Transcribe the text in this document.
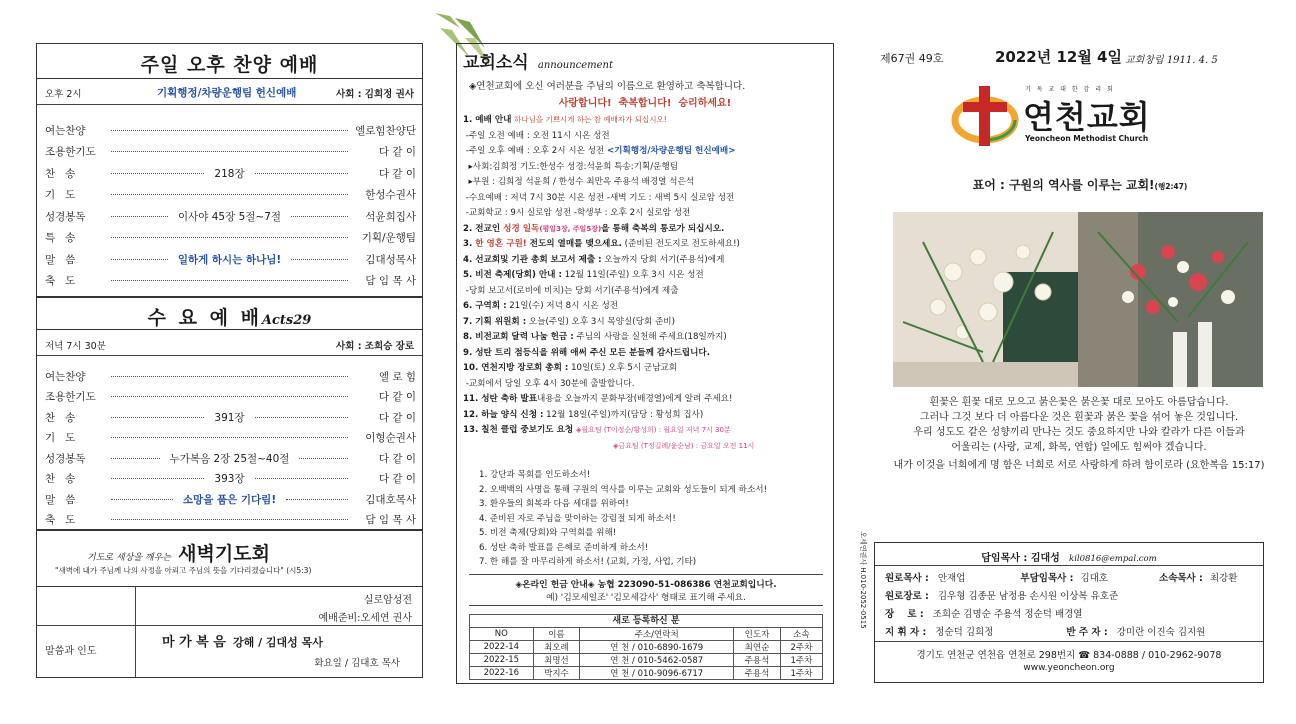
주일 오후 찬양 예배
오후 2시	기획행정/차량운행팀 헌신예배	사회 : 김희정 권사
여는찬양	엘로힘찬양단
조용한기도	다 같 이
찬   송	218장	다 같 이
기   도	한성수권사
성경봉독	이사야 45장 5절~7절	석윤희집사
특   송	기획/운행팀
말   씀	일하게 하시는 하나님!	김대성목사
축   도	담 임 목 사
수 요 예 배Acts29
저녁 7시 30분	사회 : 조희승 장로
여는찬양	엘 로 힘
조용한기도	다 같 이
찬   송	391장	다 같 이
기   도	이형순권사
성경봉독	누가복음 2장 25절~40절	다 같 이
찬   송	393장	다 같 이
말   씀	소망을 품은 기다림!	김대호목사
축   도	담 임 목 사
기도로 세상을 깨우는 새벽기도회
"새벽에 내가 주님께 나의 사정을 아뢰고 주님의 뜻을 기다리겠습니다" (시5:3)
실로암성전
예배준비:오세연 권사
말씀과 인도
마 가 복 음 강해 / 김대성 목사
화요일 / 김대호 목사
교회소식 announcement
◈연천교회에 오신 여러분을 주님의 이름으로 환영하고 축복합니다.
사랑합니다!  축복합니다!  승리하세요!
◈온라인 헌금 안내◈ 농협 223090-51-086386 연천교회입니다.
예) '김모세일조' '김모세감사' 형태로 표기해 주세요.
새로 등록하신 분
NO	이름	주소/연락처	인도자	소속
2022-14	최오례	연 천 / 010-6890-1679	최연순	2주차
2022-15	최명선	연 천 / 010-5462-0587	주용석	1주차
2022-16	박지수	연 천 / 010-9096-6717	주용석	1주차
1. 예배 안내 하나님을 기쁘시게 하는 참 예배자가 되십시오!
-주일 오전 예배 : 오전 11시 시온 성전
-주일 오후 예배 : 오후 2시 시온 성전 <기획행정/차량운행팀 헌신예배>
▸사회:김희정 기도:한성수 성경:석윤희 특송:기획/운행팀
▸부원 : 김희정 석윤희 / 한성수 최만옥 주용석 배경열 석은석
-수요예배 : 저녁 7시 30분 시온 성전 -새벽 기도 : 새벽 5시 실로암 성전
-교회학교 : 9시 실로암 성전 -학생부 : 오후 2시 실로암 성전
2. 전교인 성경 일독(평일3장, 주일5장)을 통해 축복의 통로가 되십시오.
3. 한 영혼 구원! 전도의 열매를 맺으세요. (준비된 전도지로 전도하세요!)
4. 선교회및 기관 총회 보고서 제출 : 오늘까지 당회 서기(주용석)에게
5. 비전 축제(당회) 안내 : 12월 11일(주일) 오후 3시 시온 성전
-당회 보고서(로비에 비치)는 당회 서기(주용석)에게 제출
6. 구역회 : 21일(수) 저녁 8시 시온 성전
7. 기획 위원회 : 오늘(주일) 오후 3시 목양실(당회 준비)
8. 비전교회 달력 나눔 헌금 : 주님의 사랑을 실천해 주세요(18일까지)
9. 성탄 트리 점등식을 위해 애써 주신 모든 분들께 감사드립니다.
10. 연천지방 장로회 총회 : 10일(토) 오후 5시 군남교회
-교회에서 당일 오후 4시 30분에 출발합니다.
11. 성탄 축하 발표내용을 오늘까지 문화부장(배경열)에게 알려 주세요!
12. 하늘 양식 신청 : 12월 18일(주일)까지(담당 : 황성희 집사)
13. 칠천 클럽 중보기도 요청 ◈월요팀 (T이정순/황성희) : 월요일 저녁 7시 30분
◈금요팀 (T정길례/윤순남) : 금요일 오전 11시
1. 강단과 목회를 인도하소서!
2. 오백백의 사명을 통해 구원의 역사를 이루는 교회와 성도들이 되게 하소서!
3. 환우들의 회복과 다음 세대를 위하여!
4. 준비된 자로 주님을 맞이하는 강림절 되게 하소서!
5. 비전 축제(당회)와 구역회를 위해!
6. 성탄 축하 발표를 은혜로 준비하게 하소서!
7. 한 해를 잘 마무리하게 하소서! (교회, 가정, 사업, 기타)
제67권 49호	2022년 12월 4일 교회창립 1911. 4. 5
기 독 교 대 한 감 리 회
연천교회
Yeoncheon Methodist Church
표어 : 구원의 역사를 이루는 교회!(행2:47)
내가 이것을 너희에게 명 함은 너희로 서로 사랑하게 하려 함이로라 (요한복음 15:17)
오세연권사 H.010-2052-0515	담임목사 : 김대성 kil0816@empal.com
원로목사 : 안재업	부담임목사 : 김대호	소속목사 : 최강환
원로장로 : 김우형 김종문 남정용 손시원 이상복 유호준
장    로 : 조희순 김명순 주용석 정순덕 배경열
지 휘 자 : 정순덕 김희정	반 주 자 : 강미란 이진숙 김지원
경기도 연천군 연천읍 연천로 298번지 ☎ 834-0888 / 010-2962-9078
www.yeoncheon.org
흰꽃은 흰꽃 대로 모으고 붉은꽃은 붉은꽃 대로 모아도 아름답습니다.
그러나 그것 보다 더 아름다운 것은 흰꽃과 붉은 꽃을 섞어 놓은 것입니다.
우리 성도도 같은 성향끼리 만나는 것도 중요하지만 나와 칼라가 다른 이들과
어울리는 (사랑, 교제, 화목, 연합) 일에도 힘써야 겠습니다.
